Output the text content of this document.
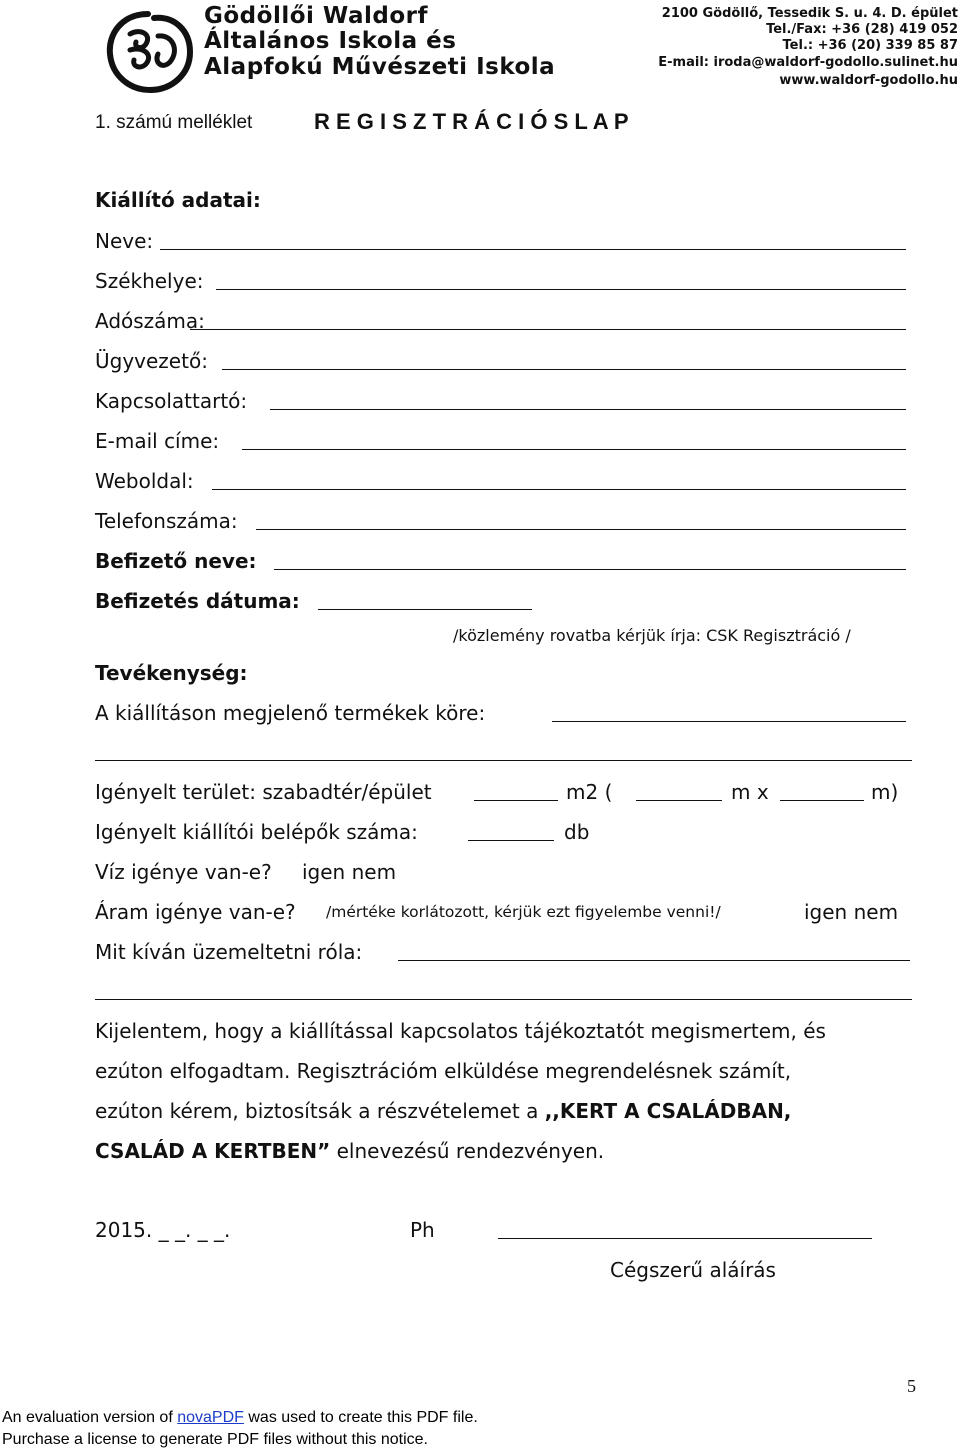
Gödöllői Waldorf
Általános Iskola és
Alapfokú Művészeti Iskola
2100 Gödöllő, Tessedik S. u. 4. D. épület
Tel./Fax: +36 (28) 419 052
Tel.: +36 (20) 339 85 87
E-mail: iroda@waldorf-godollo.sulinet.hu
www.waldorf-godollo.hu
1. számú melléklet	R E G I S Z T R Á C I Ó S L A P
Kiállító adatai:
Neve:
Székhelye:
Adószáma:
Ügyvezető:
Kapcsolattartó:
E-mail címe:
Weboldal:
Telefonszáma:
Befizető neve:
Befizetés dátuma:
/közlemény rovatba kérjük írja: CSK Regisztráció /
Tevékenység:
A kiállításon megjelenő termékek köre:
Igényelt terület: szabadtér/épület	m2 (	m x	m)
Igényelt kiállítói belépők száma:	db
Víz igénye van-e? igen nem
Áram igénye van-e? /mértéke korlátozott, kérjük ezt figyelembe venni!/	igen nem
Mit kíván üzemeltetni róla:
Kijelentem, hogy a kiállítással kapcsolatos tájékoztatót megismertem, és
ezúton elfogadtam. Regisztrációm elküldése megrendelésnek számít,
ezúton kérem, biztosítsák a részvételemet a ,,KERT A CSALÁDBAN,
CSALÁD A KERTBEN” elnevezésű rendezvényen.
2015. _ _. _ _.	Ph
Cégszerű aláírás
5
An evaluation version of novaPDF was used to create this PDF file.
Purchase a license to generate PDF files without this notice.
